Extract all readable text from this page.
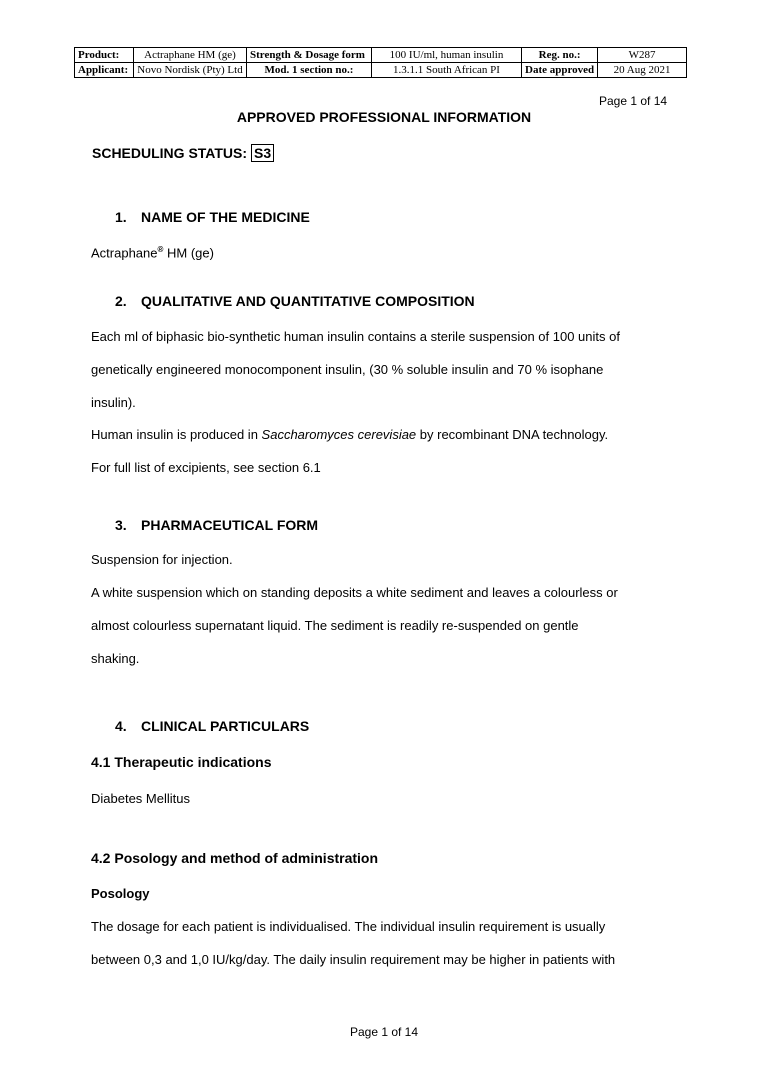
Product:	Actraphane HM (ge)	Strength & Dosage form	100 IU/ml, human insulin	Reg. no.:	W287
Applicant:	Novo Nordisk (Pty) Ltd	Mod. 1 section no.:	1.3.1.1 South African PI	Date approved	20 Aug 2021
Page 1 of 14
APPROVED PROFESSIONAL INFORMATION
SCHEDULING STATUS: S3
1. NAME OF THE MEDICINE
Actraphane® HM (ge)
2. QUALITATIVE AND QUANTITATIVE COMPOSITION
Each ml of biphasic bio-synthetic human insulin contains a sterile suspension of 100 units of
genetically engineered monocomponent insulin, (30 % soluble insulin and 70 % isophane
insulin).
Human insulin is produced in Saccharomyces cerevisiae by recombinant DNA technology.
For full list of excipients, see section 6.1
3. PHARMACEUTICAL FORM
Suspension for injection.
A white suspension which on standing deposits a white sediment and leaves a colourless or
almost colourless supernatant liquid. The sediment is readily re-suspended on gentle
shaking.
4. CLINICAL PARTICULARS
4.1 Therapeutic indications
Diabetes Mellitus
4.2 Posology and method of administration
Posology
The dosage for each patient is individualised. The individual insulin requirement is usually
between 0,3 and 1,0 IU/kg/day. The daily insulin requirement may be higher in patients with
Page 1 of 14
